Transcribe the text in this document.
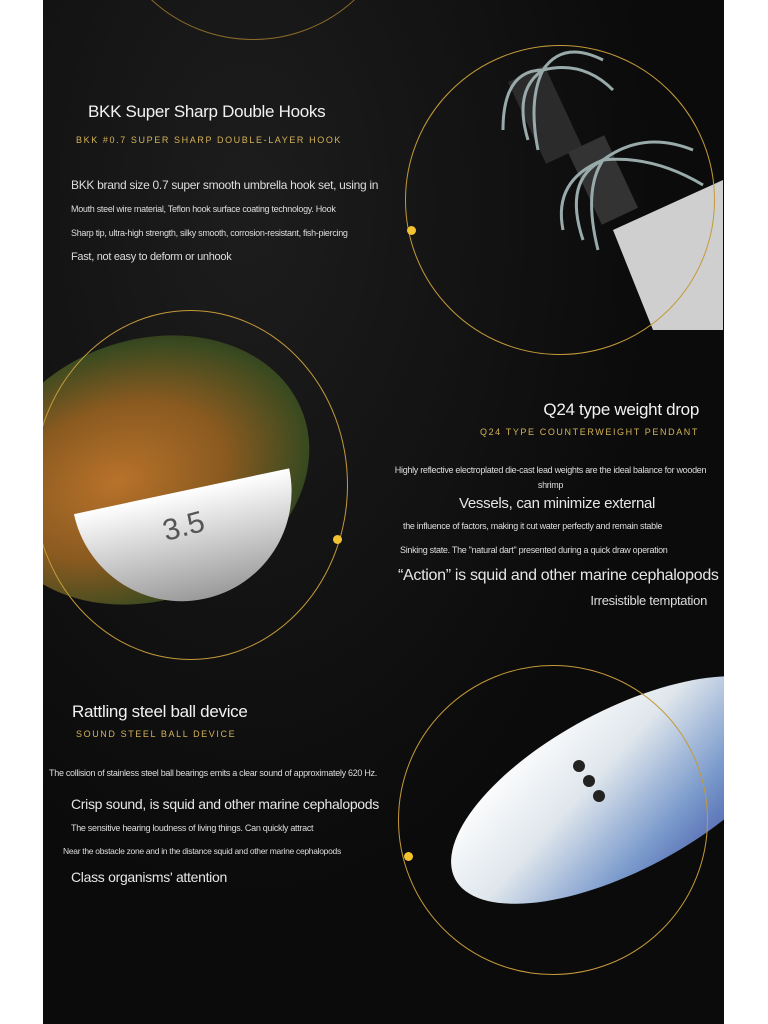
BKK Super Sharp Double Hooks
BKK #0.7 SUPER SHARP DOUBLE-LAYER HOOK
BKK brand size 0.7 super smooth umbrella hook set, using in
Mouth steel wire material, Teflon hook surface coating technology. Hook
Sharp tip, ultra-high strength, silky smooth, corrosion-resistant, fish-piercing
Fast, not easy to deform or unhook
3.5
Q24 type weight drop
Q24 TYPE COUNTERWEIGHT PENDANT
Highly reflective electroplated die-cast lead weights are the ideal balance for wooden shrimp
Vessels, can minimize external
the influence of factors, making it cut water perfectly and remain stable
Sinking state. The "natural dart" presented during a quick draw operation
“Action” is squid and other marine cephalopods
Irresistible temptation
Rattling steel ball device
SOUND STEEL BALL DEVICE
The collision of stainless steel ball bearings emits a clear sound of approximately 620 Hz.
Crisp sound, is squid and other marine cephalopods
The sensitive hearing loudness of living things. Can quickly attract
Near the obstacle zone and in the distance squid and other marine cephalopods
Class organisms' attention
